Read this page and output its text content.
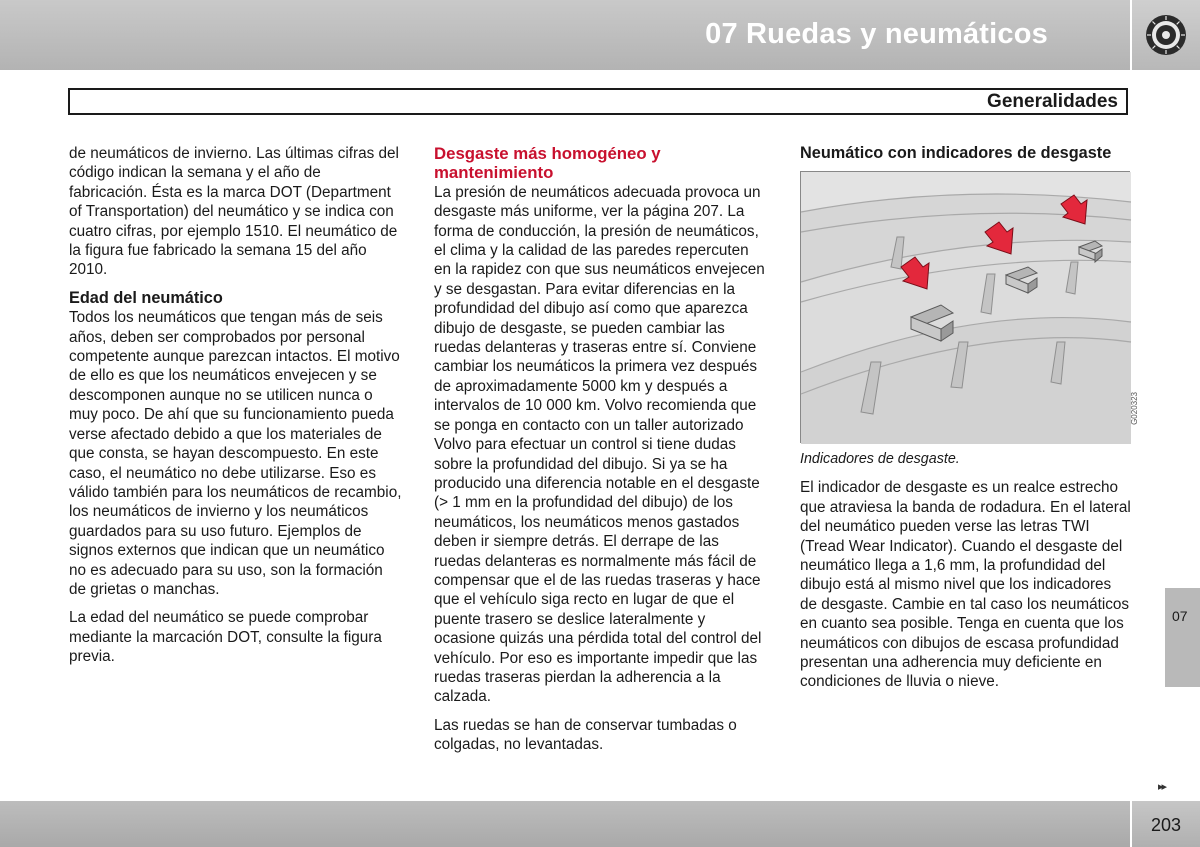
07 Ruedas y neumáticos
Generalidades

de neumáticos de invierno. Las últimas cifras del código indican la semana y el año de fabricación. Ésta es la marca DOT (Department of Transportation) del neumático y se indica con cuatro cifras, por ejemplo 1510. El neumático de la figura fue fabricado la semana 15 del año 2010.

Edad del neumático

Todos los neumáticos que tengan más de seis años, deben ser comprobados por personal competente aunque parezcan intactos. El motivo de ello es que los neumáticos envejecen y se descomponen aunque no se utilicen nunca o muy poco. De ahí que su funcionamiento pueda verse afectado debido a que los materiales de que consta, se hayan descompuesto. En este caso, el neumático no debe utilizarse. Eso es válido también para los neumáticos de recambio, los neumáticos de invierno y los neumáticos guardados para su uso futuro. Ejemplos de signos externos que indican que un neumático no es adecuado para su uso, son la formación de grietas o manchas.

La edad del neumático se puede comprobar mediante la marcación DOT, consulte la figura previa.

Desgaste más homogéneo y mantenimiento

La presión de neumáticos adecuada provoca un desgaste más uniforme, ver la página 207. La forma de conducción, la presión de neumáticos, el clima y la calidad de las paredes repercuten en la rapidez con que sus neumáticos envejecen y se desgastan. Para evitar diferencias en la profundidad del dibujo así como que aparezca dibujo de desgaste, se pueden cambiar las ruedas delanteras y traseras entre sí. Conviene cambiar los neumáticos la primera vez después de aproximadamente 5000 km y después a intervalos de 10 000 km. Volvo recomienda que se ponga en contacto con un taller autorizado Volvo para efectuar un control si tiene dudas sobre la profundidad del dibujo. Si ya se ha producido una diferencia notable en el desgaste (> 1 mm en la profundidad del dibujo) de los neumáticos, los neumáticos menos gastados deben ir siempre detrás. El derrape de las ruedas delanteras es normalmente más fácil de compensar que el de las ruedas traseras y hace que el vehículo siga recto en lugar de que el puente trasero se deslice lateralmente y ocasione quizás una pérdida total del control del vehículo. Por eso es importante impedir que las ruedas traseras pierdan la adherencia a la calzada.

Las ruedas se han de conservar tumbadas o colgadas, no levantadas.

Neumático con indicadores de desgaste
G020323
Indicadores de desgaste.

El indicador de desgaste es un realce estrecho que atraviesa la banda de rodadura. En el lateral del neumático pueden verse las letras TWI (Tread Wear Indicator). Cuando el desgaste del neumático llega a 1,6 mm, la profundidad del dibujo está al mismo nivel que los indicadores de desgaste. Cambie en tal caso los neumáticos en cuanto sea posible. Tenga en cuenta que los neumáticos con dibujos de escasa profundidad presentan una adherencia muy deficiente en condiciones de lluvia o nieve.

07
▸▸
203
